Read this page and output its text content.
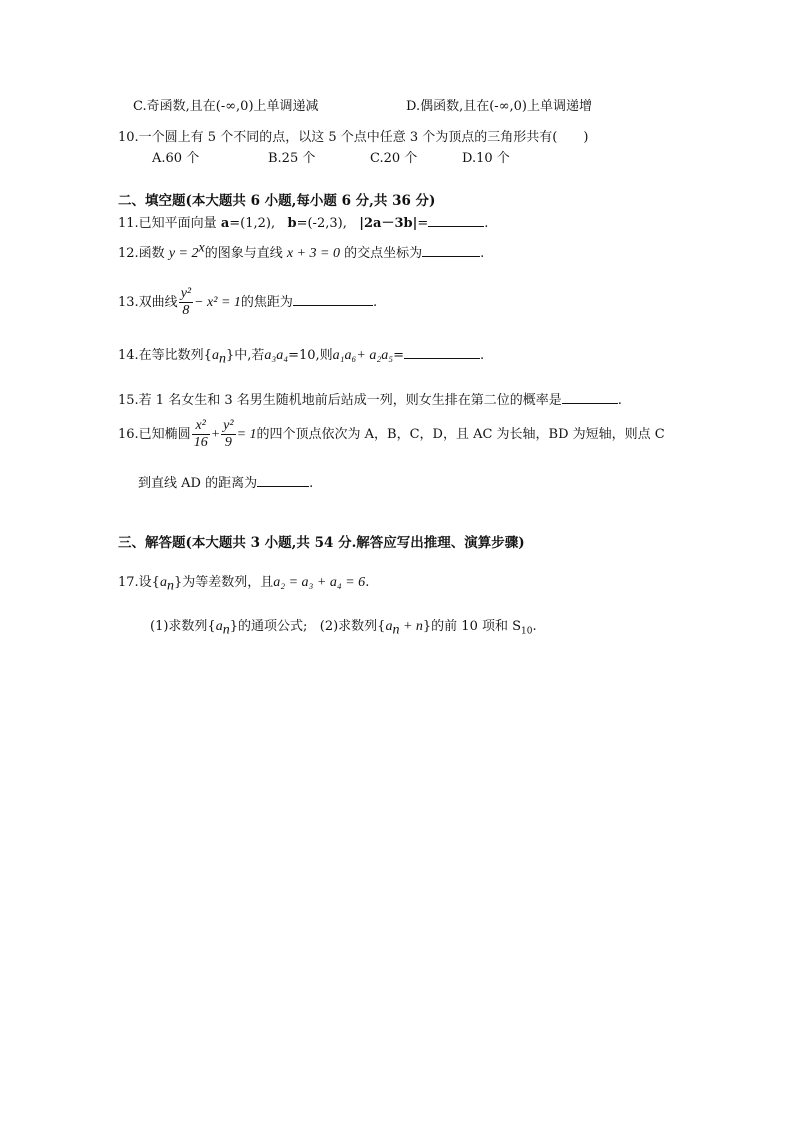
C.奇函数,且在(-∞,0)上单调递减	D.偶函数,且在(-∞,0)上单调递增
10.一个圆上有 5 个不同的点，以这 5 个点中任意 3 个为顶点的三角形共有(　　)
A.60 个	B.25 个	C.20 个	D.10 个
二、填空题(本大题共 6 小题,每小题 6 分,共 36 分)
11.已知平面向量 a=(1,2), b=(-2,3), |2a－3b|=	.
12.函数 $y = 2^x$的图象与直线 x + 3 = 0 的交点坐标为	.
13.双曲线 $\frac{\text{y²}}{8} - x^2 = 1$的焦距为	.
14.在等比数列$\{a_n\}$中,若a₃a₄=10,则a₁a₆+ a₂a₅=	.
15.若 1 名女生和 3 名男生随机地前后站成一列，则女生排在第二位的概率是	.
16.已知椭圆 $\frac{\text{x²}}{16} + \frac{\text{y²}}{9} = 1$的四个顶点依次为 A，B，C，D，且 AC 为长轴，BD 为短轴，则点 C
到直线 AD 的距离为	.
三、解答题(本大题共 3 小题,共 54 分.解答应写出推理、演算步骤)
17.设$\{a_n\}$为等差数列，且a₂ = a₃ + a₄ = 6.
(1)求数列$\{a_n\}$的通项公式; (2)求数列$\{a_n + n\}$的前 10 项和 $S_{10}$.
